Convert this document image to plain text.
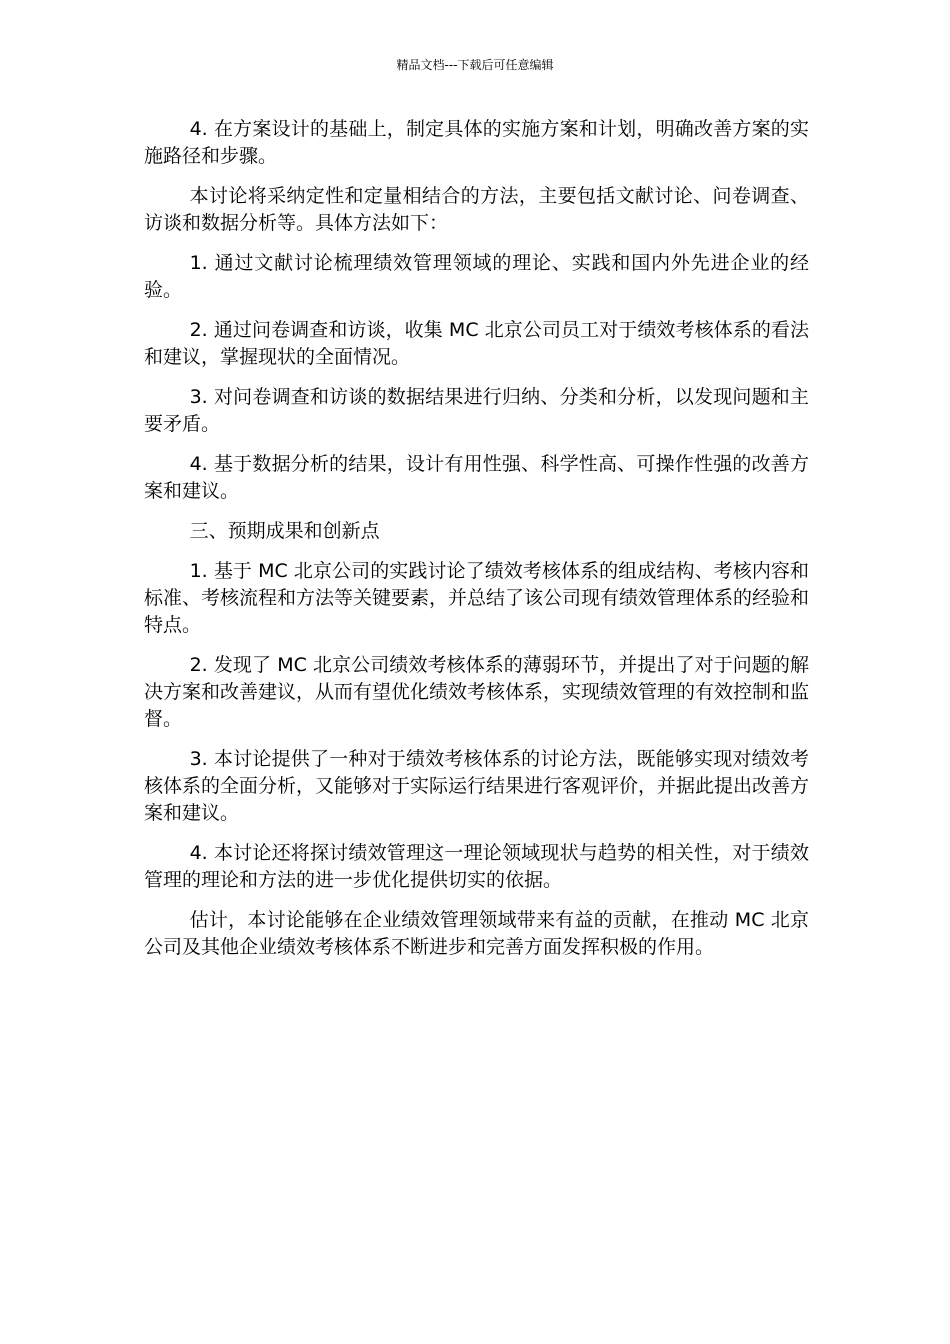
精品文档---下载后可任意编辑

4. 在方案设计的基础上，制定具体的实施方案和计划，明确改善方案的实施路径和步骤。

本讨论将采纳定性和定量相结合的方法，主要包括文献讨论、问卷调查、访谈和数据分析等。具体方法如下：

1. 通过文献讨论梳理绩效管理领域的理论、实践和国内外先进企业的经验。

2. 通过问卷调查和访谈，收集 MC 北京公司员工对于绩效考核体系的看法和建议，掌握现状的全面情况。

3. 对问卷调查和访谈的数据结果进行归纳、分类和分析，以发现问题和主要矛盾。

4. 基于数据分析的结果，设计有用性强、科学性高、可操作性强的改善方案和建议。

三、预期成果和创新点

1. 基于 MC 北京公司的实践讨论了绩效考核体系的组成结构、考核内容和标准、考核流程和方法等关键要素，并总结了该公司现有绩效管理体系的经验和特点。

2. 发现了 MC 北京公司绩效考核体系的薄弱环节，并提出了对于问题的解决方案和改善建议，从而有望优化绩效考核体系，实现绩效管理的有效控制和监督。

3. 本讨论提供了一种对于绩效考核体系的讨论方法，既能够实现对绩效考核体系的全面分析，又能够对于实际运行结果进行客观评价，并据此提出改善方案和建议。

4. 本讨论还将探讨绩效管理这一理论领域现状与趋势的相关性，对于绩效管理的理论和方法的进一步优化提供切实的依据。

估计，本讨论能够在企业绩效管理领域带来有益的贡献，在推动 MC 北京公司及其他企业绩效考核体系不断进步和完善方面发挥积极的作用。
